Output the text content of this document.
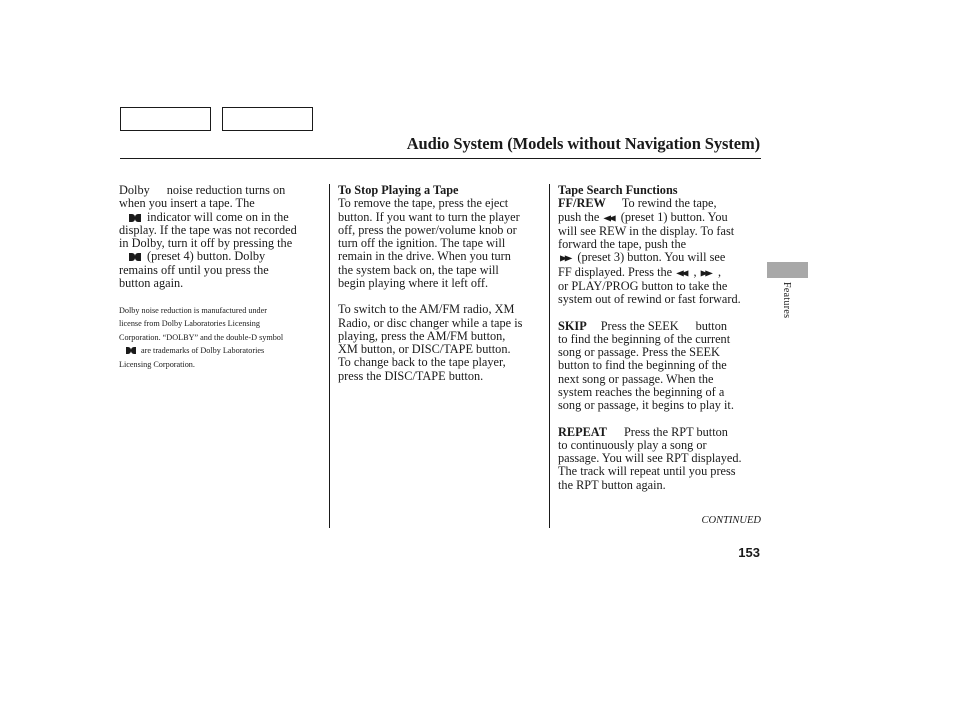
Audio System (Models without Navigation System)
Features

Dolby noise reduction turns on
when you insert a tape. The
indicator will come on in the
display. If the tape was not recorded
in Dolby, turn it off by pressing the
(preset 4) button. Dolby
remains off until you press the
button again.

Dolby noise reduction is manufactured under
license from Dolby Laboratories Licensing
Corporation. “DOLBY” and the double-D symbol
are trademarks of Dolby Laboratories
Licensing Corporation.

To Stop Playing a Tape
To remove the tape, press the eject
button. If you want to turn the player
off, press the power/volume knob or
turn off the ignition. The tape will
remain in the drive. When you turn
the system back on, the tape will
begin playing where it left off.
To switch to the AM/FM radio, XM
Radio, or disc changer while a tape is
playing, press the AM/FM button,
XM button, or DISC/TAPE button.
To change back to the tape player,
press the DISC/TAPE button.
Tape Search Functions
FF/REW To rewind the tape,
push the ◀◀ (preset 1) button. You
will see REW in the display. To fast
forward the tape, push the
▶▶ (preset 3) button. You will see
FF displayed. Press the ◀◀ , ▶▶ ,
or PLAY/PROG button to take the
system out of rewind or fast forward.
SKIP Press the SEEK button
to find the beginning of the current
song or passage. Press the SEEK
button to find the beginning of the
next song or passage. When the
system reaches the beginning of a
song or passage, it begins to play it.
REPEAT Press the RPT button
to continuously play a song or
passage. You will see RPT displayed.
The track will repeat until you press
the RPT button again.

CONTINUED

153
